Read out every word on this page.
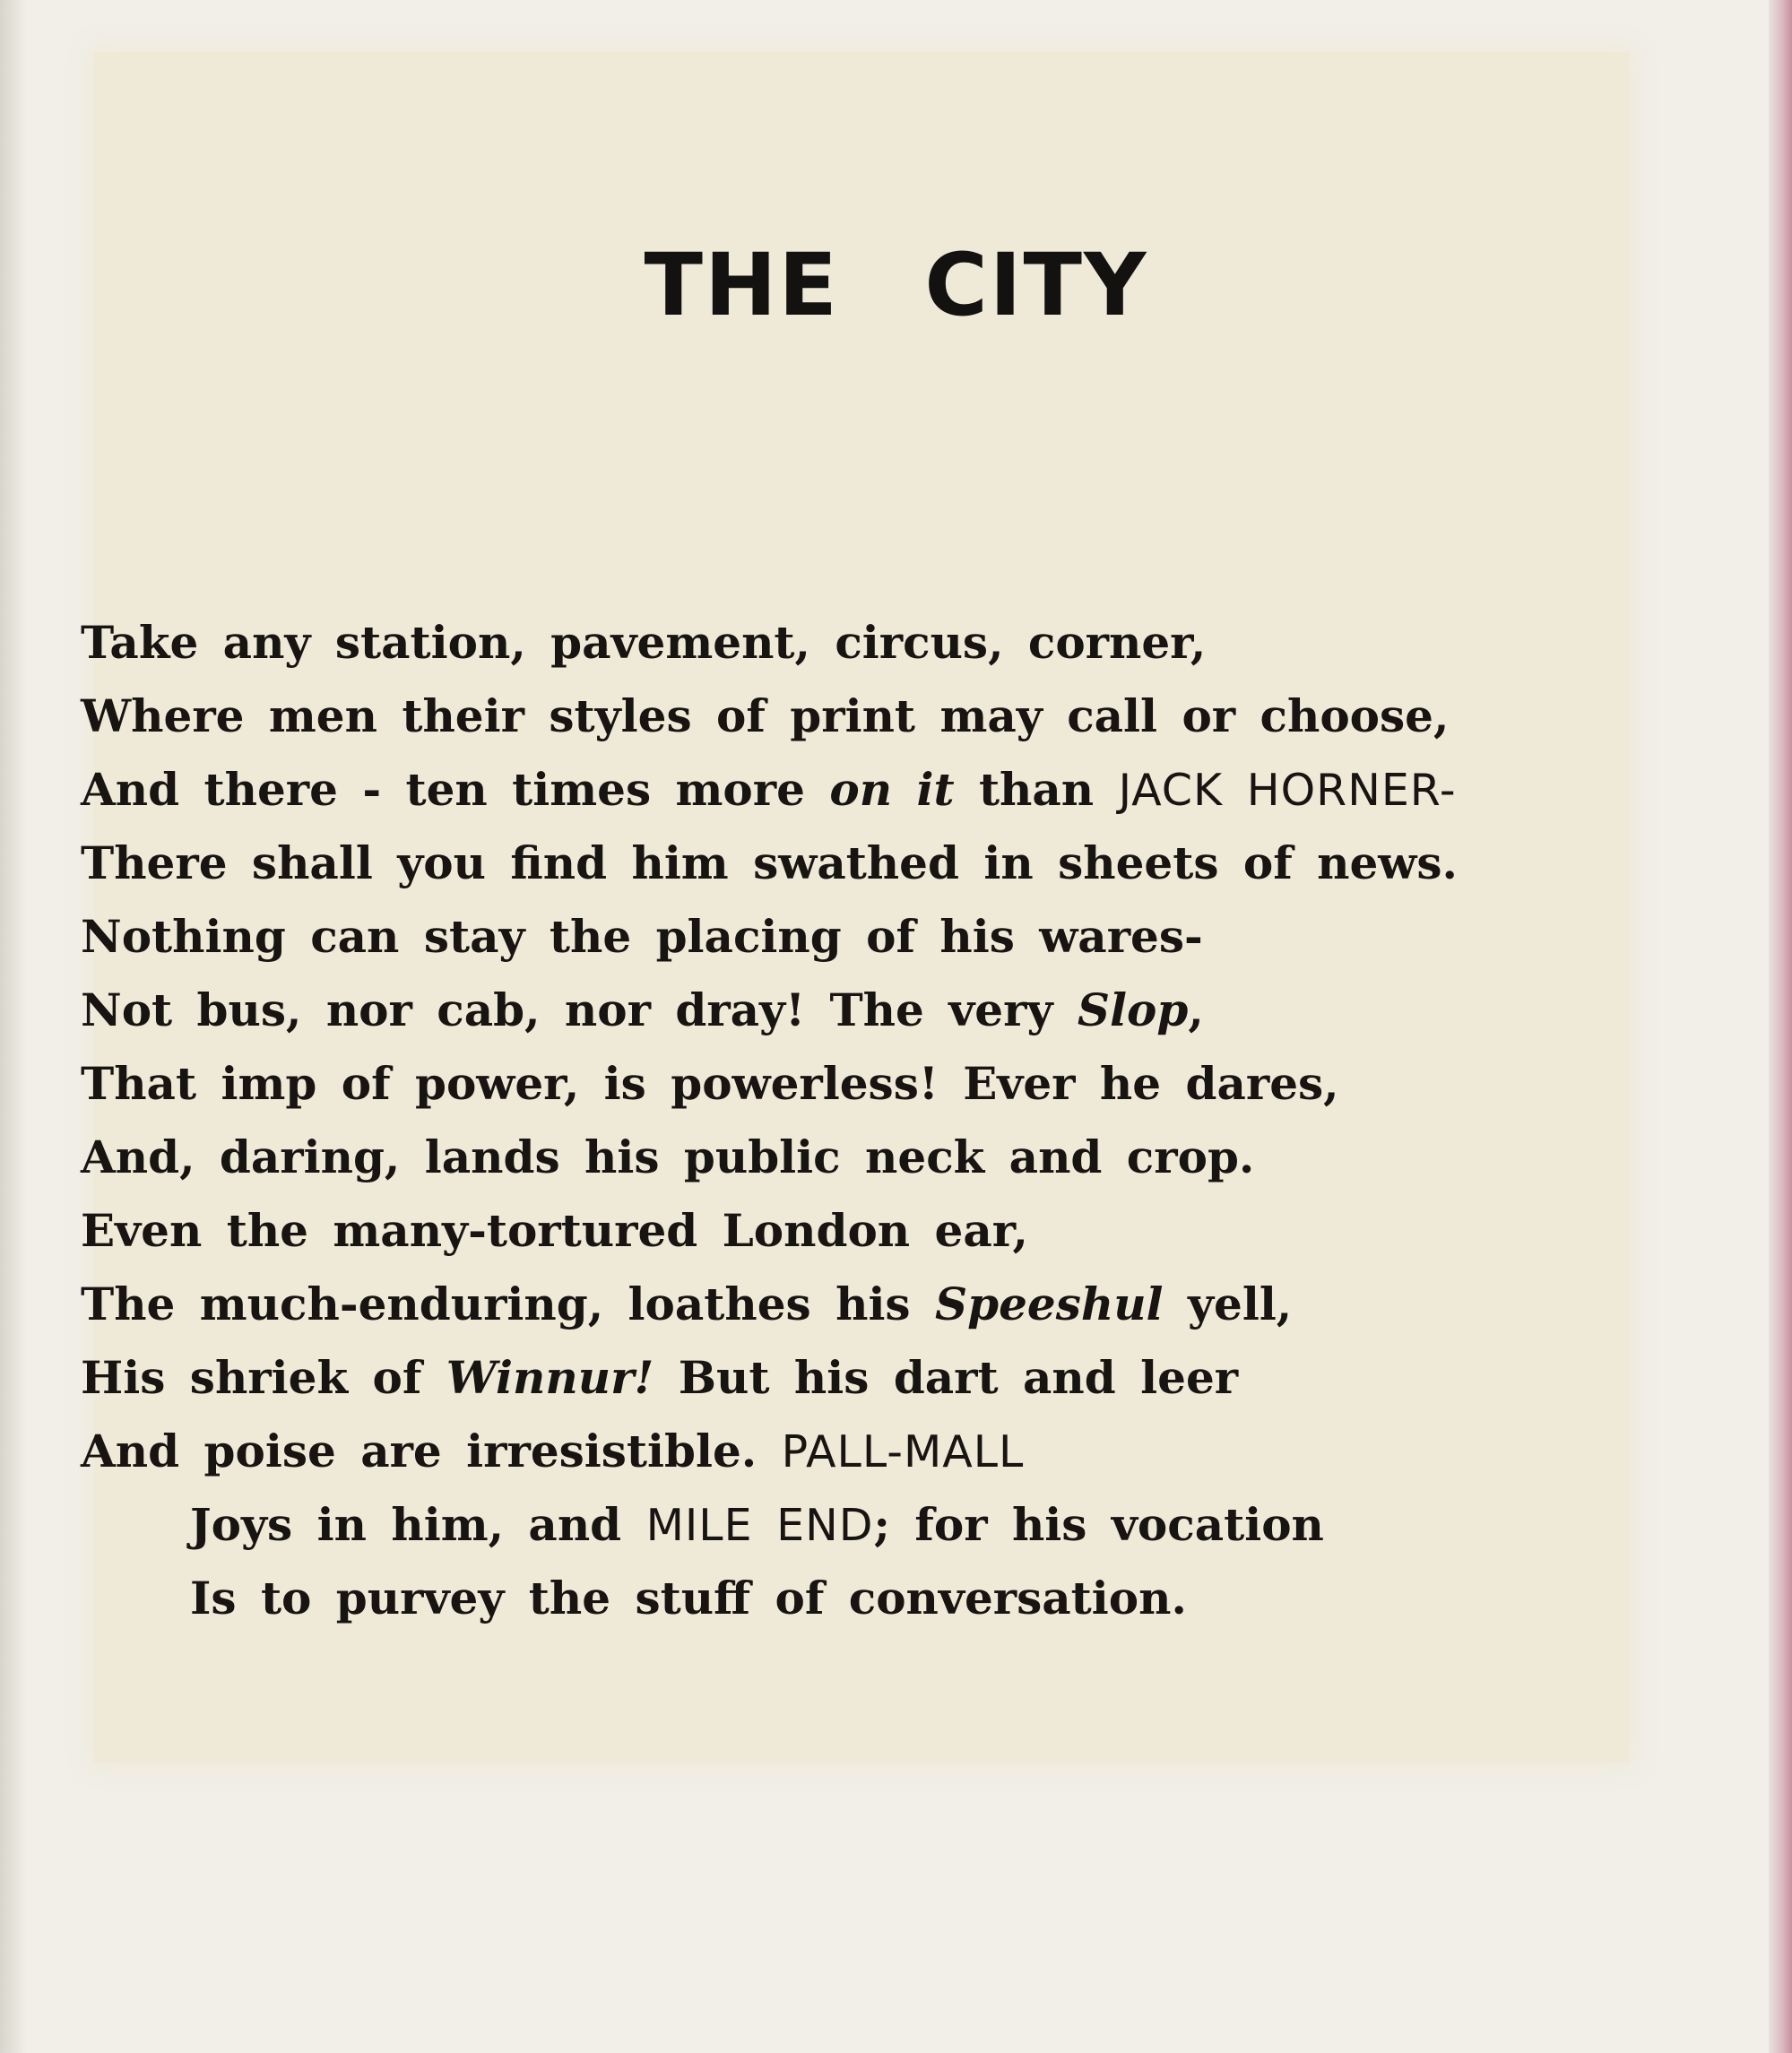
THE CITY
Take any station, pavement, circus, corner,
Where men their styles of print may call or choose,
And there - ten times more on it than JACK HORNER-
There shall you find him swathed in sheets of news.
Nothing can stay the placing of his wares-
Not bus, nor cab, nor dray! The very Slop,
That imp of power, is powerless! Ever he dares,
And, daring, lands his public neck and crop.
Even the many-tortured London ear,
The much-enduring, loathes his Speeshul yell,
His shriek of Winnur! But his dart and leer
And poise are irresistible. PALL-MALL
Joys in him, and MILE END; for his vocation
Is to purvey the stuff of conversation.
